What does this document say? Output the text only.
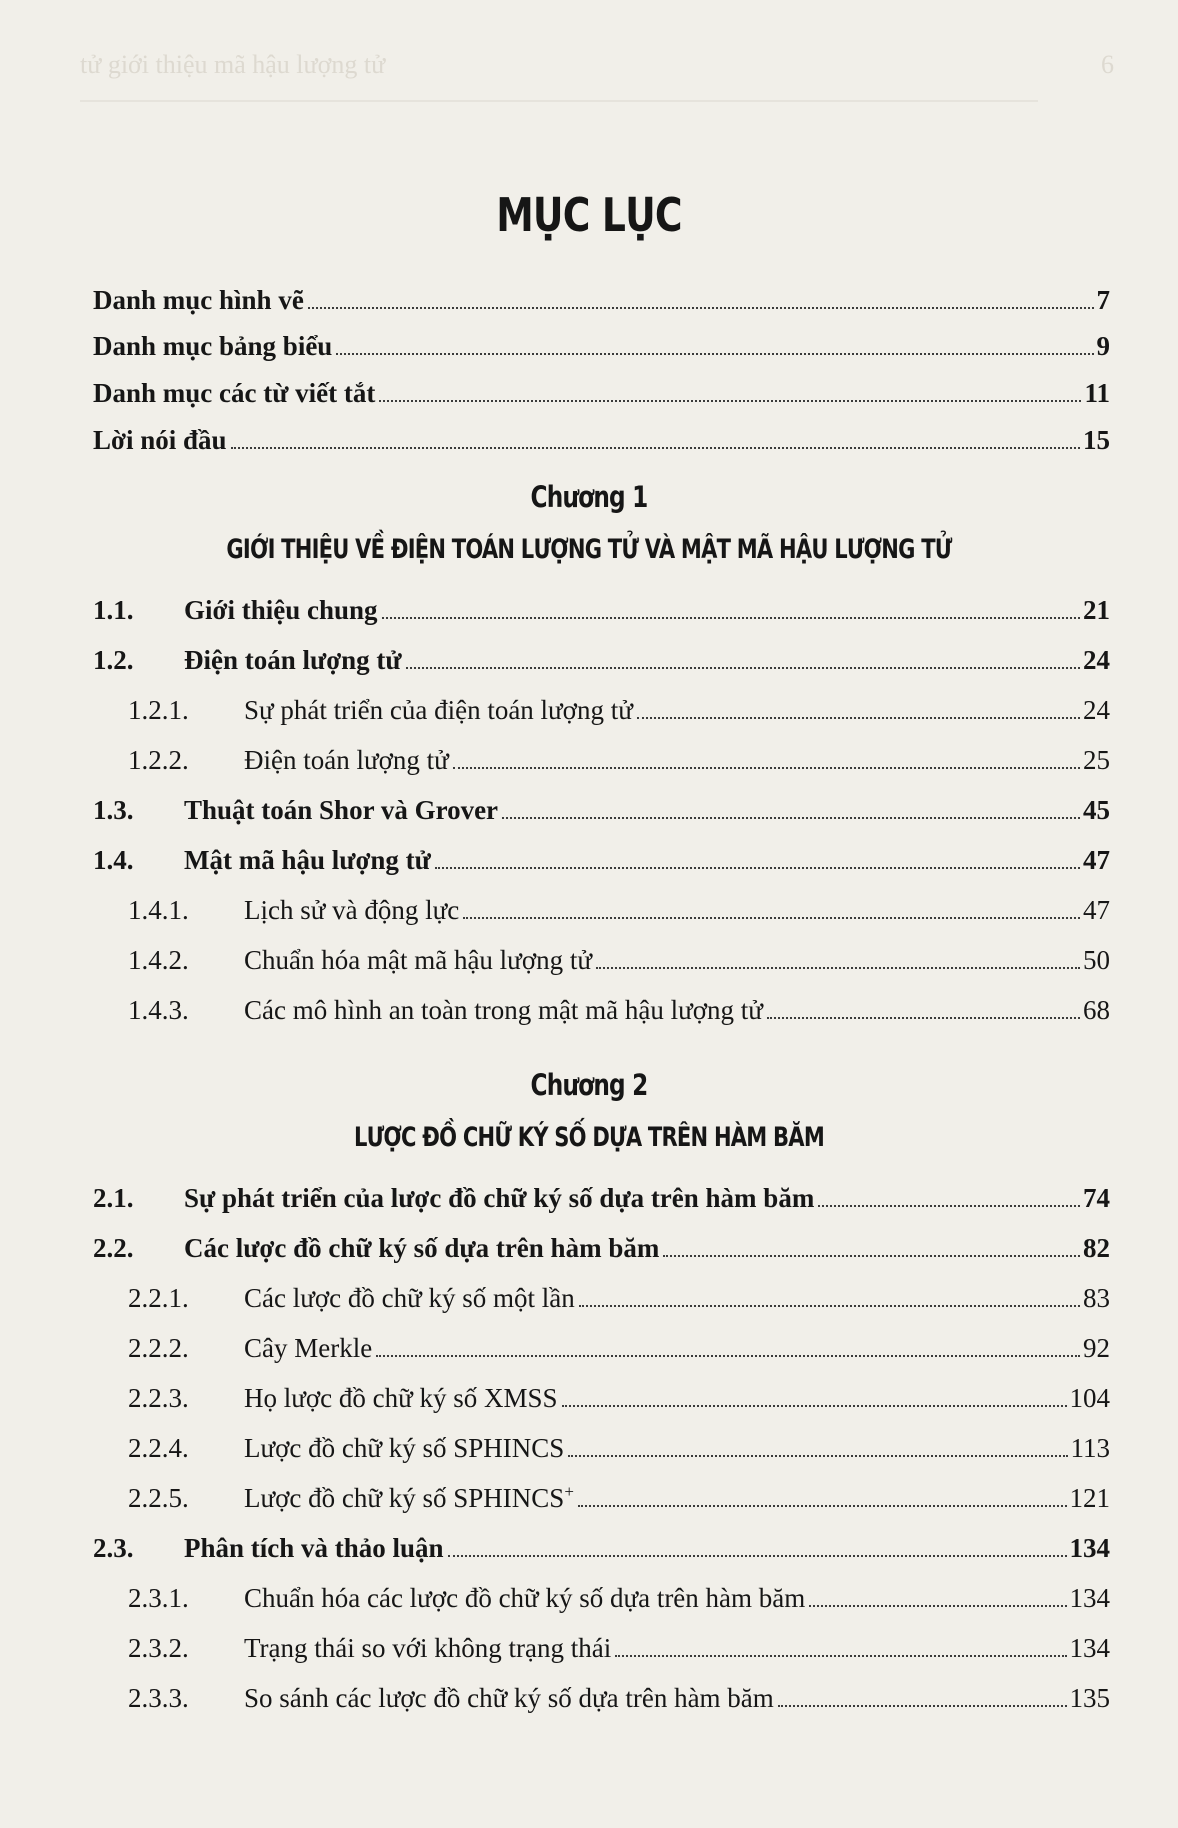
tử giới thiệu mã hậu lượng tử	6
MỤC LỤC
Danh mục hình vẽ	7
Danh mục bảng biểu	9
Danh mục các từ viết tắt	11
Lời nói đầu	15
Chương 1
GIỚI THIỆU VỀ ĐIỆN TOÁN LƯỢNG TỬ VÀ MẬT MÃ HẬU LƯỢNG TỬ
1.1. Giới thiệu chung	21
1.2. Điện toán lượng tử	24
1.2.1. Sự phát triển của điện toán lượng tử	24
1.2.2. Điện toán lượng tử	25
1.3. Thuật toán Shor và Grover	45
1.4. Mật mã hậu lượng tử	47
1.4.1. Lịch sử và động lực	47
1.4.2. Chuẩn hóa mật mã hậu lượng tử	50
1.4.3. Các mô hình an toàn trong mật mã hậu lượng tử	68
Chương 2
LƯỢC ĐỒ CHỮ KÝ SỐ DỰA TRÊN HÀM BĂM
2.1. Sự phát triển của lược đồ chữ ký số dựa trên hàm băm	74
2.2. Các lược đồ chữ ký số dựa trên hàm băm	82
2.2.1. Các lược đồ chữ ký số một lần	83
2.2.2. Cây Merkle	92
2.2.3. Họ lược đồ chữ ký số XMSS	104
2.2.4. Lược đồ chữ ký số SPHINCS	113
2.2.5. Lược đồ chữ ký số SPHINCS+	121
2.3. Phân tích và thảo luận	134
2.3.1. Chuẩn hóa các lược đồ chữ ký số dựa trên hàm băm	134
2.3.2. Trạng thái so với không trạng thái	134
2.3.3. So sánh các lược đồ chữ ký số dựa trên hàm băm	135
